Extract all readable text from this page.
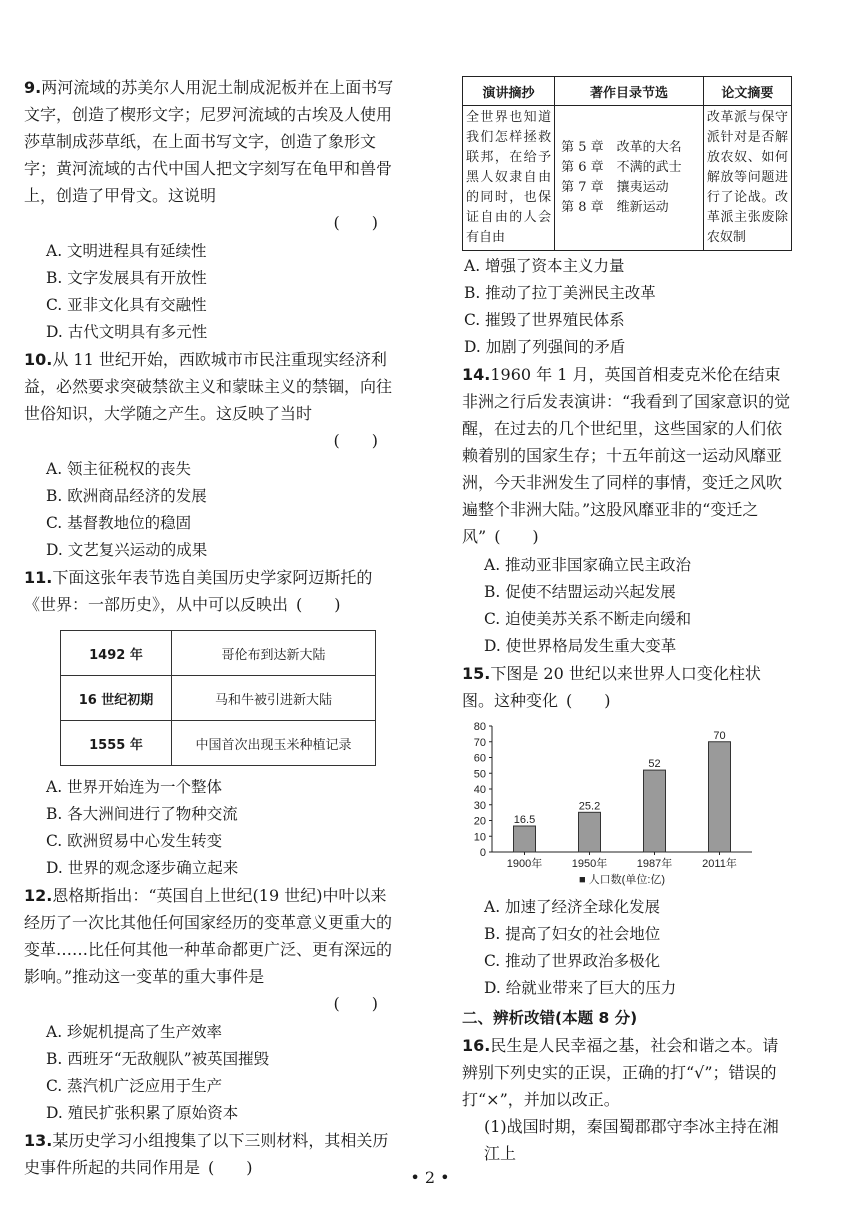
9.两河流域的苏美尔人用泥土制成泥板并在上面书写文字，创造了楔形文字；尼罗河流域的古埃及人使用莎草制成莎草纸，在上面书写文字，创造了象形文字；黄河流域的古代中国人把文字刻写在龟甲和兽骨上，创造了甲骨文。这说明
(　　)

A. 文明进程具有延续性
B. 文字发展具有开放性
C. 亚非文化具有交融性
D. 古代文明具有多元性

10.从 11 世纪开始，西欧城市市民注重现实经济利益，必然要求突破禁欲主义和蒙昧主义的禁锢，向往世俗知识，大学随之产生。这反映了当时
(　　)

A. 领主征税权的丧失
B. 欧洲商品经济的发展
C. 基督教地位的稳固
D. 文艺复兴运动的成果

11.下面这张年表节选自美国历史学家阿迈斯托的《世界：一部历史》，从中可以反映出 (　　)

1492 年	哥伦布到达新大陆
16 世纪初期	马和牛被引进新大陆
1555 年	中国首次出现玉米种植记录
A. 世界开始连为一个整体
B. 各大洲间进行了物种交流
C. 欧洲贸易中心发生转变
D. 世界的观念逐步确立起来

12.恩格斯指出：“英国自上世纪(19 世纪)中叶以来经历了一次比其他任何国家经历的变革意义更重大的变革……比任何其他一种革命都更广泛、更有深远的影响。”推动这一变革的重大事件是
(　　)

A. 珍妮机提高了生产效率
B. 西班牙“无敌舰队”被英国摧毁
C. 蒸汽机广泛应用于生产
D. 殖民扩张积累了原始资本

13.某历史学习小组搜集了以下三则材料，其相关历史事件所起的共同作用是 (　　)

演讲摘抄	著作目录节选	论文摘要
全世界也知道我们怎样拯救联邦，在给予黑人奴隶自由的同时，也保证自由的人会有自由	第 5 章　 改革的大名
第 6 章　 不满的武士
第 7 章　 攘夷运动
第 8 章　 维新运动	改革派与保守派针对是否解放农奴、如何解放等问题进行了论战。改革派主张废除农奴制
A. 增强了资本主义力量
B. 推动了拉丁美洲民主改革
C. 摧毁了世界殖民体系
D. 加剧了列强间的矛盾

14.1960 年 1 月，英国首相麦克米伦在结束非洲之行后发表演讲：“我看到了国家意识的觉醒，在过去的几个世纪里，这些国家的人们依赖着别的国家生存；十五年前这一运动风靡亚洲，今天非洲发生了同样的事情，变迁之风吹遍整个非洲大陆。”这股风靡亚非的“变迁之风” (　　)

A. 推动亚非国家确立民主政治
B. 促使不结盟运动兴起发展
C. 迫使美苏关系不断走向缓和
D. 使世界格局发生重大变革

15.下图是 20 世纪以来世界人口变化柱状图。这种变化 (　　)

0
10
20
30
40
50
60
70
80
16.5
1900年
25.2
1950年
52
1987年
70
2011年
■ 人口数(单位:亿)
A. 加速了经济全球化发展
B. 提高了妇女的社会地位
C. 推动了世界政治多极化
D. 给就业带来了巨大的压力

二、辨析改错(本题 8 分)

16.民生是人民幸福之基，社会和谐之本。请辨别下列史实的正误，正确的打“√”；错误的打“×”，并加以改正。

(1)战国时期，秦国蜀郡郡守李冰主持在湘江上

• 2 •
